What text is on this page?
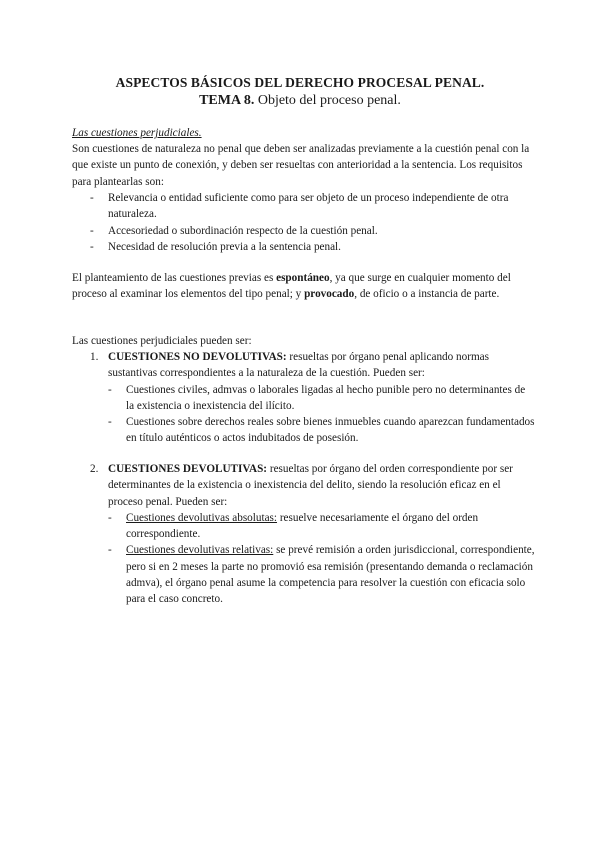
ASPECTOS BÁSICOS DEL DERECHO PROCESAL PENAL.
TEMA 8. Objeto del proceso penal.
Las cuestiones perjudiciales.
Son cuestiones de naturaleza no penal que deben ser analizadas previamente a la cuestión penal con la que existe un punto de conexión, y deben ser resueltas con anterioridad a la sentencia. Los requisitos para plantearlas son:
- Relevancia o entidad suficiente como para ser objeto de un proceso independiente de otra naturaleza.
- Accesoriedad o subordinación respecto de la cuestión penal.
- Necesidad de resolución previa a la sentencia penal.
El planteamiento de las cuestiones previas es espontáneo, ya que surge en cualquier momento del proceso al examinar los elementos del tipo penal; y provocado, de oficio o a instancia de parte.
Las cuestiones perjudiciales pueden ser:
1. CUESTIONES NO DEVOLUTIVAS: resueltas por órgano penal aplicando normas sustantivas correspondientes a la naturaleza de la cuestión. Pueden ser:
- Cuestiones civiles, admvas o laborales ligadas al hecho punible pero no determinantes de la existencia o inexistencia del ilícito.
- Cuestiones sobre derechos reales sobre bienes inmuebles cuando aparezcan fundamentados en título auténticos o actos indubitados de posesión.
2. CUESTIONES DEVOLUTIVAS: resueltas por órgano del orden correspondiente por ser determinantes de la existencia o inexistencia del delito, siendo la resolución eficaz en el proceso penal. Pueden ser:
- Cuestiones devolutivas absolutas: resuelve necesariamente el órgano del orden correspondiente.
- Cuestiones devolutivas relativas: se prevé remisión a orden jurisdiccional, correspondiente, pero si en 2 meses la parte no promovió esa remisión (presentando demanda o reclamación admva), el órgano penal asume la competencia para resolver la cuestión con eficacia solo para el caso concreto.
